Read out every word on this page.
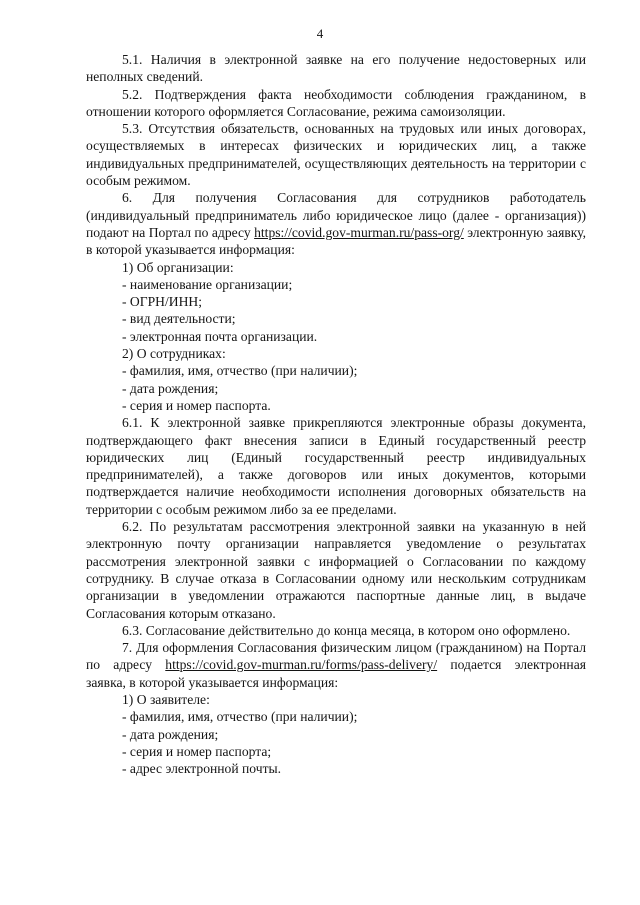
4

5.1. Наличия в электронной заявке на его получение недостоверных или неполных сведений.

5.2. Подтверждения факта необходимости соблюдения гражданином, в отношении которого оформляется Согласование, режима самоизоляции.

5.3. Отсутствия обязательств, основанных на трудовых или иных договорах, осуществляемых в интересах физических и юридических лиц, а также индивидуальных предпринимателей, осуществляющих деятельность на территории с особым режимом.

6. Для получения Согласования для сотрудников работодатель (индивидуальный предприниматель либо юридическое лицо (далее - организация)) подают на Портал по адресу https://covid.gov-murman.ru/pass-org/ электронную заявку, в которой указывается информация:

1) Об организации:

- наименование организации;

- ОГРН/ИНН;

- вид деятельности;

- электронная почта организации.

2) О сотрудниках:

- фамилия, имя, отчество (при наличии);

- дата рождения;

- серия и номер паспорта.

6.1. К электронной заявке прикрепляются электронные образы документа, подтверждающего факт внесения записи в Единый государственный реестр юридических лиц (Единый государственный реестр индивидуальных предпринимателей), а также договоров или иных документов, которыми подтверждается наличие необходимости исполнения договорных обязательств на территории с особым режимом либо за ее пределами.

6.2. По результатам рассмотрения электронной заявки на указанную в ней электронную почту организации направляется уведомление о результатах рассмотрения электронной заявки с информацией о Согласовании по каждому сотруднику. В случае отказа в Согласовании одному или нескольким сотрудникам организации в уведомлении отражаются паспортные данные лиц, в выдаче Согласования которым отказано.

6.3. Согласование действительно до конца месяца, в котором оно оформлено.

7. Для оформления Согласования физическим лицом (гражданином) на Портал по адресу https://covid.gov-murman.ru/forms/pass-delivery/ подается электронная заявка, в которой указывается информация:

1) О заявителе:

- фамилия, имя, отчество (при наличии);

- дата рождения;

- серия и номер паспорта;

- адрес электронной почты.
